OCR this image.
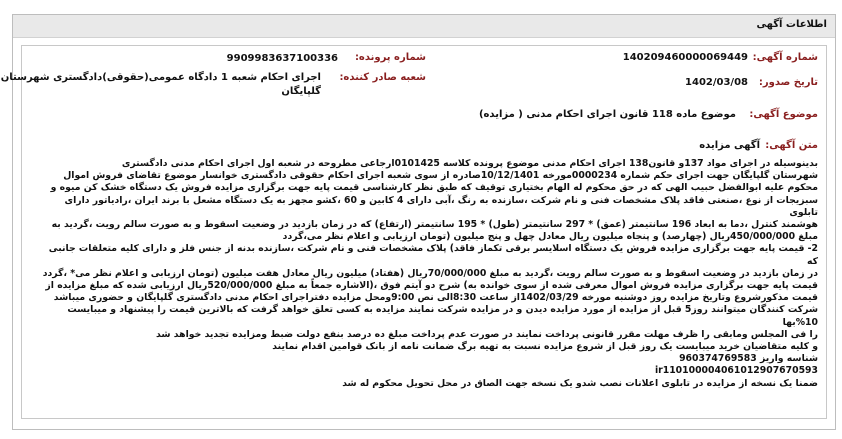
اطلاعات آگهی
شماره آگهی:
140209460000069449
شماره پرونده:
9909983637100336
تاریخ صدور:
1402/03/08
شعبه صادر کننده:
اجرای احکام شعبه 1 دادگاه عمومی(حقوقی)دادگستری شهرستان
گلپایگان
موضوع آگهی:
موضوع ماده 118 قانون اجرای احکام مدنی ( مزایده)
متن آگهی:
آگهی مزایده

بدینوسیله در اجرای مواد 137و قانون138 اجرای احکام مدنی موضوع پرونده کلاسه 0101425ارجاعی مطروحه در شعبه اول اجرای احکام مدنی دادگستری

شهرستان گلپایگان جهت اجرای حکم شماره 0000234مورخه 10/12/1401صادره از سوی شعبه اجرای احکام حقوقی دادگستری خوانسار موضوع تقاضای فروش اموال

محکوم علیه ابوالفضل حبیب الهی که در حق محکوم له الهام بختیاری توقیف که طبق نظر کارشناسی قیمت پایه جهت برگزاری مزایده فروش یک دستگاه خشک کن میوه و

سبزیجات از نوع ،صنعتی فاقد پلاک مشخصات فنی و نام شرکت ،سازنده به رنگ ،آبی دارای 4 کابین و 60 ،کشو مجهز به یک دستگاه مشعل با برند ایران ،رادیاتور دارای تابلوی

هوشمند کنترل ،دما به ابعاد 196 سانتیمتر (عمق) * 297 سانتیمتر (طول) * 195 سانتیمتر (ارتفاع) که در زمان بازدید در وضعیت اسقوط و به صورت سالم رویت ،گردید به

مبلغ 450/000/000ریال (چهارصد) و پنجاه میلیون ریال معادل چهل و پنج میلیون (تومان ارزیابی و اعلام نظر می،گردد

2- قیمت پایه جهت برگزاری مزایده فروش یک دستگاه اسلایسر برقی تکماز فاقد) پلاک مشخصات فنی و نام شرکت ،سازنده بدنه از جنس فلز و دارای کلیه متعلقات جانبی که

در زمان بازدید در وضعیت اسقوط و به صورت سالم رویت ،گردید به مبلغ 70/000/000ریال (هفتاد) میلیون ریال معادل هفت میلیون (تومان ارزیابی و اعلام نظر می* ،گردد

قیمت پایه جهت برگزاری مزایده فروش اموال معرفی شده از سوی خوانده به) شرح دو آیتم فوق ،(الاشاره جمعاً به مبلغ 520/000/000ریال ارزیابی شده که مبلغ مزایده از

قیمت مذکورشروع وتاریخ مزایده روز دوشنبه مورخه 1402/03/29از ساعت 8:30الی نص 9:00ومحل مزایده دفتراجرای احکام مدنی دادگستری گلپایگان و حضوری میباشد

شرکت کنندگان میتوانند روز5 قبل از مزایده از مورد مزایده دیدن و در مزایده شرکت نمایند مزایده به کسی تعلق خواهد گرفت که بالاترین قیمت را پیشنهاد و میبایست 10%بها

را فی المجلس ومابقی را ظرف مهلت مقرر قانونی پرداخت نمایند در صورت عدم پرداخت مبلغ ده درصد بنفع دولت ضبط ومزایده تجدید خواهد شد

و کلیه متقاضیان خرید میبایست یک روز قبل از شروع مزایده نسبت به تهیه برگ ضمانت نامه از بانک قوامین اقدام نمایند

شناسه واریز 960374769583

ir110100004061012907670593

ضمنا یک نسخه از مزایده در تابلوی اعلانات نصب شدو یک نسخه جهت الصاق در محل تحویل محکوم له شد
